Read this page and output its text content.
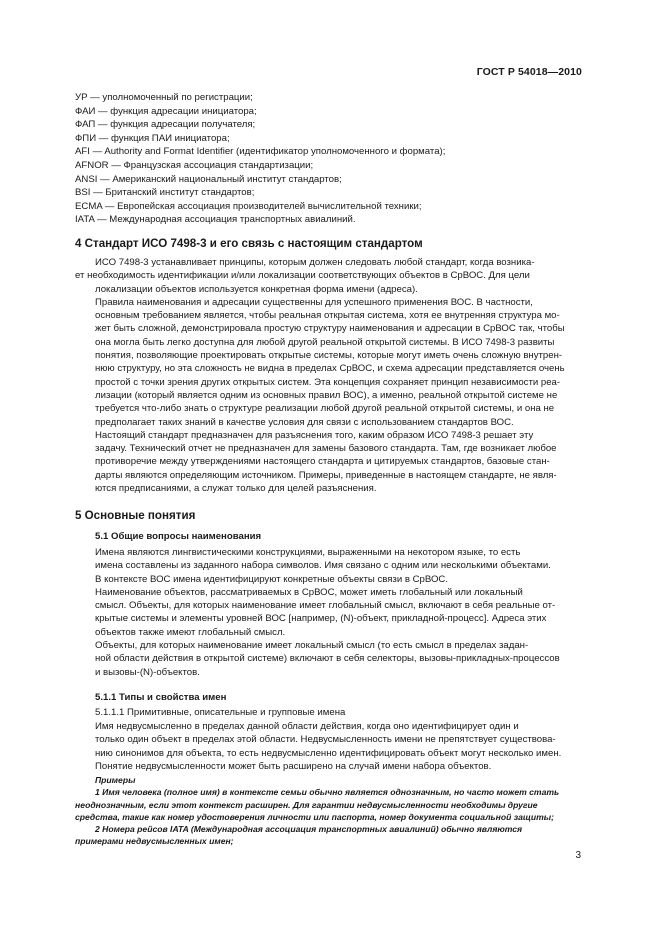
ГОСТ Р 54018—2010
УР — уполномоченный по регистрации;
ФАИ — функция адресации инициатора;
ФАП — функция адресации получателя;
ФПИ — функция ПАИ инициатора;
AFI — Authority and Format Identifier (идентификатор уполномоченного и формата);
AFNOR — Французская ассоциация стандартизации;
ANSI — Американский национальный институт стандартов;
BSI — Британский институт стандартов;
ECMA — Европейская ассоциация производителей вычислительной техники;
IATA — Международная ассоциация транспортных авиалиний.
4 Стандарт ИСО 7498-3 и его связь с настоящим стандартом

ИСО 7498-3 устанавливает принципы, которым должен следовать любой стандарт, когда возника-
ет необходимость идентификации и/или локализации соответствующих объектов в СрВОС. Для цели
локализации объектов используется конкретная форма имени (адреса).

Правила наименования и адресации существенны для успешного применения ВОС. В частности,
основным требованием является, чтобы реальная открытая система, хотя ее внутренняя структура мо-
жет быть сложной, демонстрировала простую структуру наименования и адресации в СрВОС так, чтобы
она могла быть легко доступна для любой другой реальной открытой системы. В ИСО 7498-3 развиты
понятия, позволяющие проектировать открытые системы, которые могут иметь очень сложную внутрен-
нюю структуру, но эта сложность не видна в пределах СрВОС, и схема адресации представляется очень
простой с точки зрения других открытых систем. Эта концепция сохраняет принцип независимости реа-
лизации (который является одним из основных правил ВОС), а именно, реальной открытой системе не
требуется что-либо знать о структуре реализации любой другой реальной открытой системы, и она не
предполагает таких знаний в качестве условия для связи с использованием стандартов ВОС.

Настоящий стандарт предназначен для разъяснения того, каким образом ИСО 7498-3 решает эту
задачу. Технический отчет не предназначен для замены базового стандарта. Там, где возникает любое
противоречие между утверждениями настоящего стандарта и цитируемых стандартов, базовые стан-
дарты являются определяющим источником. Примеры, приведенные в настоящем стандарте, не явля-
ются предписаниями, а служат только для целей разъяснения.

5 Основные понятия
5.1 Общие вопросы наименования

Имена являются лингвистическими конструкциями, выраженными на некотором языке, то есть
имена составлены из заданного набора символов. Имя связано с одним или несколькими объектами.
В контексте ВОС имена идентифицируют конкретные объекты связи в СрВОС.

Наименование объектов, рассматриваемых в СрВОС, может иметь глобальный или локальный
смысл. Объекты, для которых наименование имеет глобальный смысл, включают в себя реальные от-
крытые системы и элементы уровней ВОС [например, (N)-объект, прикладной-процесс]. Адреса этих
объектов также имеют глобальный смысл.

Объекты, для которых наименование имеет локальный смысл (то есть смысл в пределах задан-
ной области действия в открытой системе) включают в себя селекторы, вызовы-прикладных-процессов
и вызовы-(N)-объектов.

5.1.1 Типы и свойства имен
5.1.1.1 Примитивные, описательные и групповые имена

Имя недвусмысленно в пределах данной области действия, когда оно идентифицирует один и
только один объект в пределах этой области. Недвусмысленность имени не препятствует существова-
нию синонимов для объекта, то есть недвусмысленно идентифицировать объект могут несколько имен.
Понятие недвусмысленности может быть расширено на случай имени набора объектов.

Примеры
1 Имя человека (полное имя) в контексте семьи обычно является однозначным, но часто может стать
неоднозначным, если этот контекст расширен. Для гарантии недвусмысленности необходимы другие
средства, такие как номер удостоверения личности или паспорта, номер документа социальной защиты;
2 Номера рейсов IATA (Международная ассоциация транспортных авиалиний) обычно являются
примерами недвусмысленных имен;
3
